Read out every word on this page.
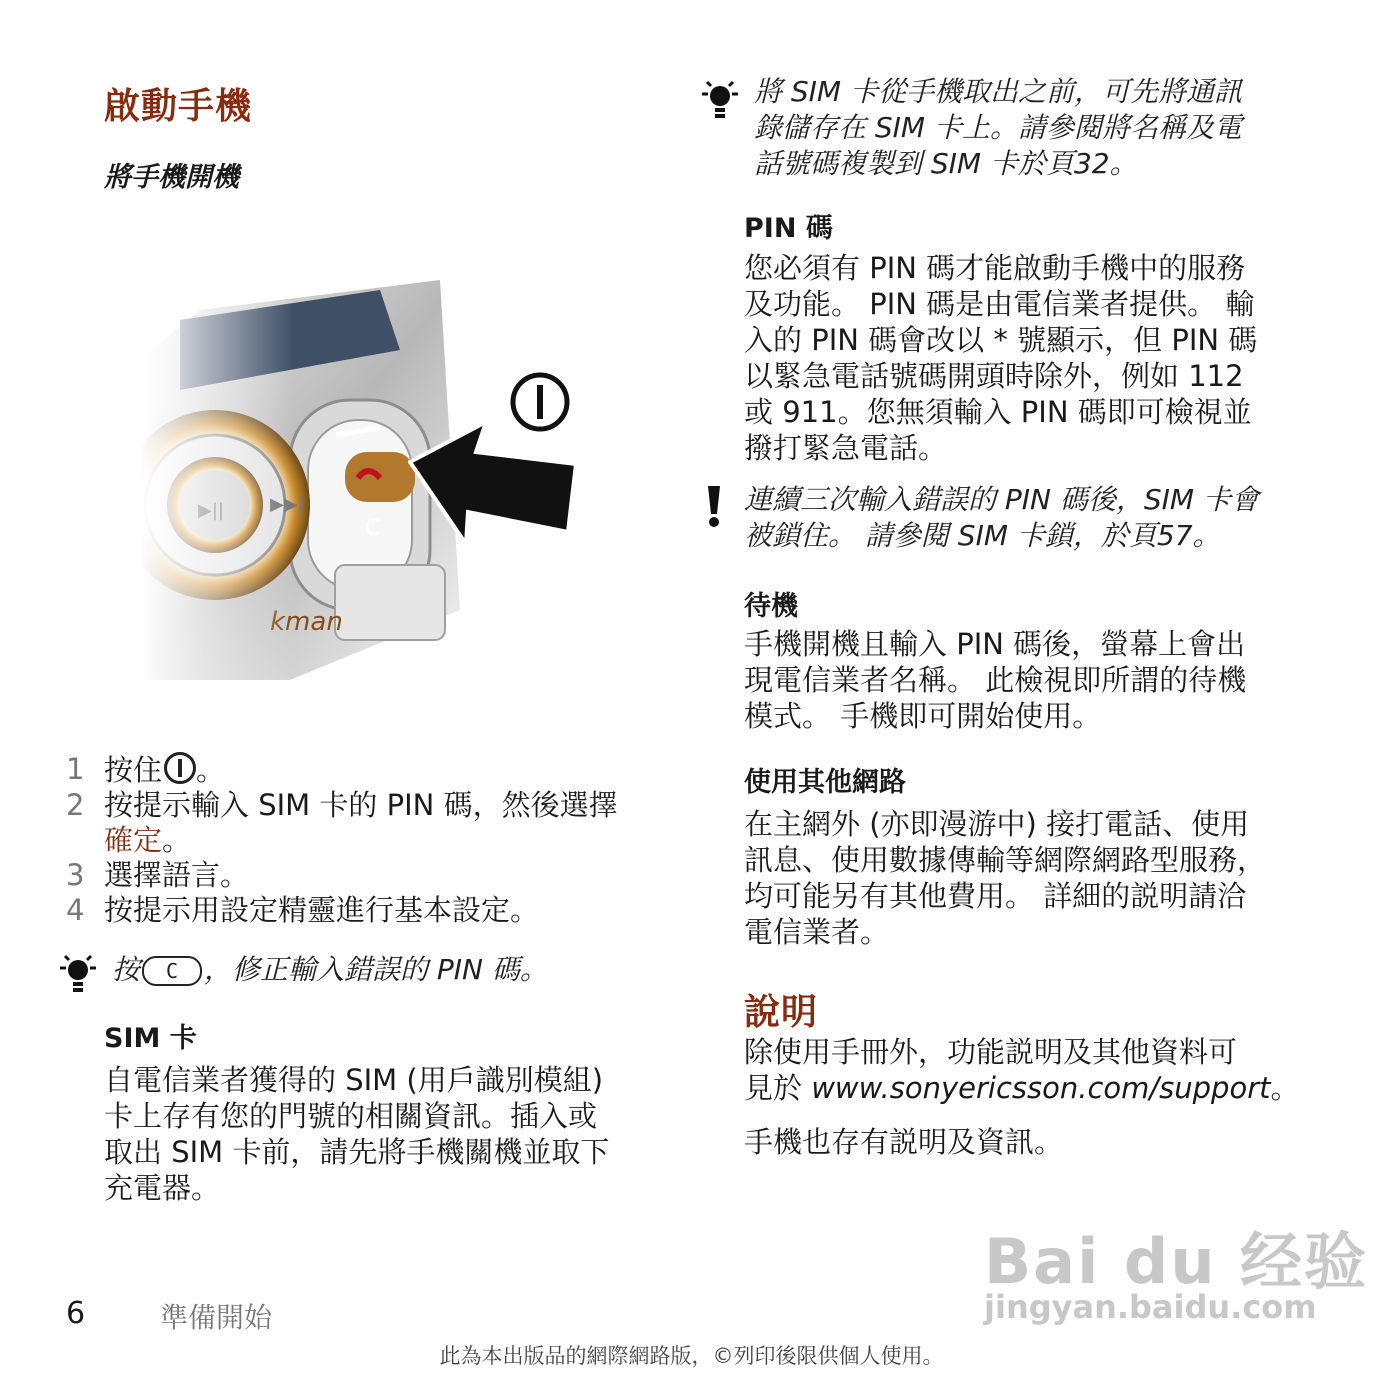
啟動手機
將手機開機
1 按住 。
2 按提示輸入 SIM 卡的 PIN 碼，然後選擇
確定。
3 選擇語言。
4 按提示用設定精靈進行基本設定。
按 C ，修正輸入錯誤的 PIN 碼。
SIM 卡
自電信業者獲得的 SIM (用戶識別模組)
卡上存有您的門號的相關資訊。插入或
取出 SIM 卡前，請先將手機關機並取下
充電器。
將 SIM 卡從手機取出之前，可先將通訊
錄儲存在 SIM 卡上。請參閱將名稱及電
話號碼複製到 SIM 卡於頁32。
PIN 碼
您必須有 PIN 碼才能啟動手機中的服務
及功能。 PIN 碼是由電信業者提供。 輸
入的 PIN 碼會改以 * 號顯示，但 PIN 碼
以緊急電話號碼開頭時除外，例如 112
或 911。您無須輸入 PIN 碼即可檢視並
撥打緊急電話。
連續三次輸入錯誤的 PIN 碼後，SIM 卡會
被鎖住。 請參閱 SIM 卡鎖，於頁57。
待機
手機開機且輸入 PIN 碼後，螢幕上會出
現電信業者名稱。 此檢視即所謂的待機
模式。 手機即可開始使用。
使用其他網路
在主網外 (亦即漫游中) 接打電話、使用
訊息、使用數據傳輸等網際網路型服務，
均可能另有其他費用。 詳細的説明請洽
電信業者。
說明
除使用手冊外，功能説明及其他資料可
見於 www.sonyericsson.com/support。
手機也存有説明及資訊。
6	準備開始
此為本出版品的網際網路版，©列印後限供個人使用。
Bai du 经验
jingyan.baidu.com
